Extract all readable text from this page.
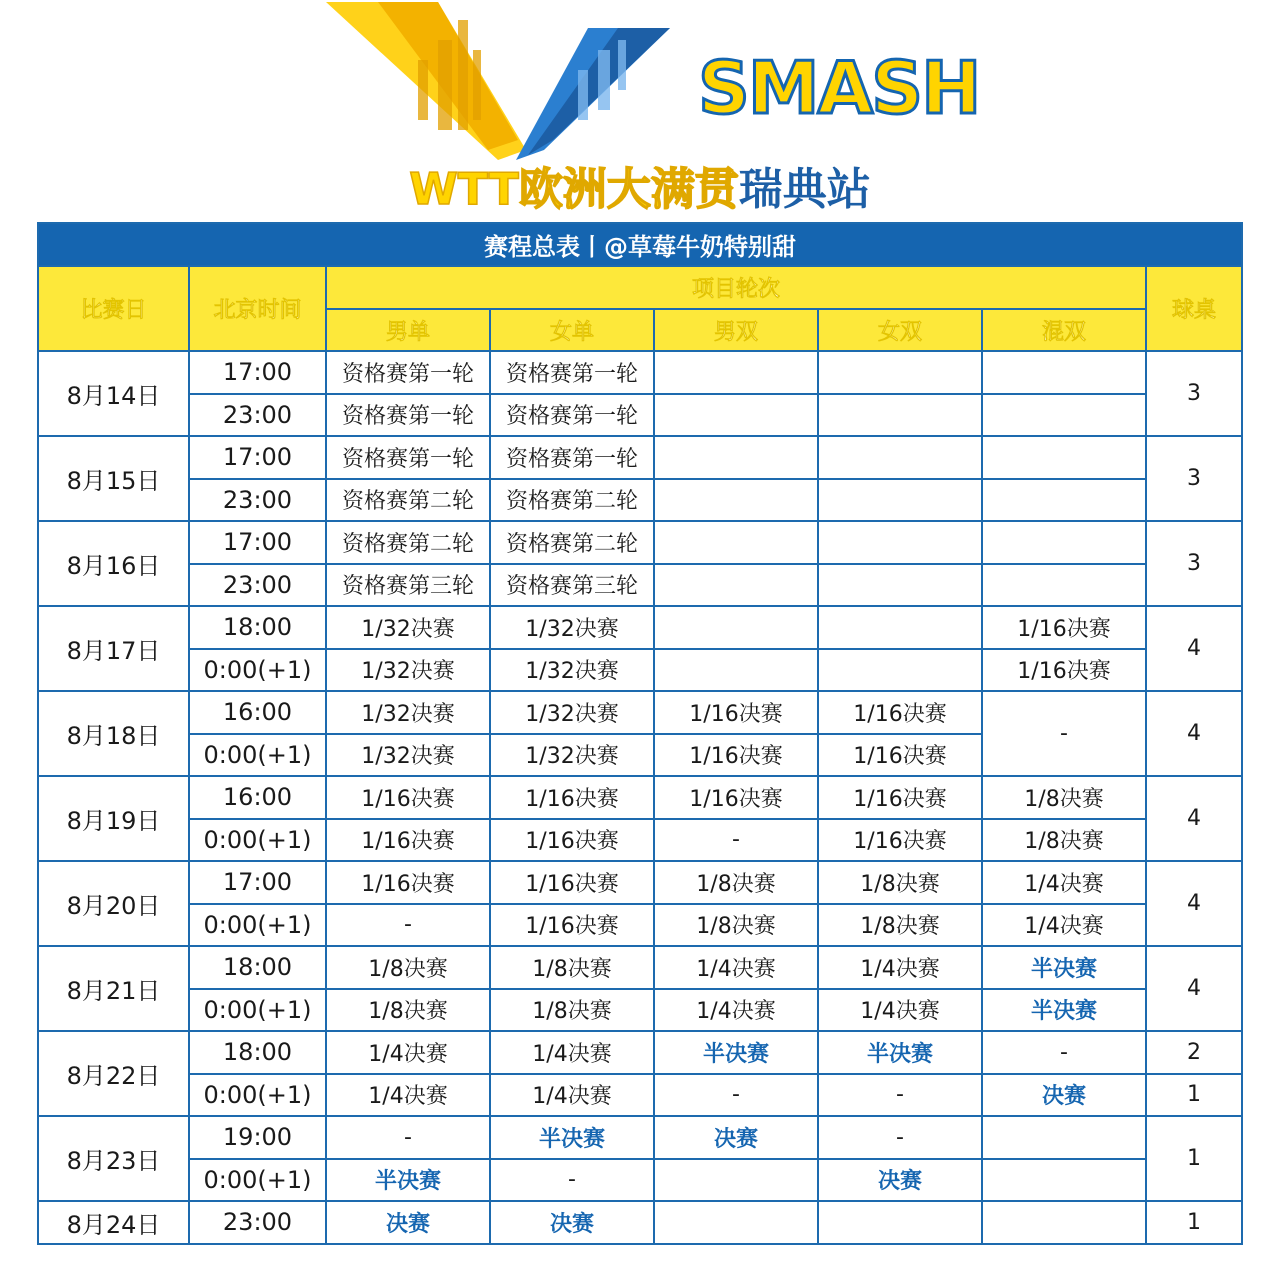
SMASH
WTT欧洲大满贯瑞典站
赛程总表丨@草莓牛奶特别甜							
比赛日	北京时间	项目轮次					球桌
		男单	女单	男双	女双	混双	
8月14日	17:00	资格赛第一轮	资格赛第一轮				3
	23:00	资格赛第一轮	资格赛第一轮				
8月15日	17:00	资格赛第一轮	资格赛第一轮				3
	23:00	资格赛第二轮	资格赛第二轮				
8月16日	17:00	资格赛第二轮	资格赛第二轮				3
	23:00	资格赛第三轮	资格赛第三轮				
8月17日	18:00	1/32决赛	1/32决赛			1/16决赛	4
	0:00(+1)	1/32决赛	1/32决赛			1/16决赛	
8月18日	16:00	1/32决赛	1/32决赛	1/16决赛	1/16决赛	-	4
	0:00(+1)	1/32决赛	1/32决赛	1/16决赛	1/16决赛		
8月19日	16:00	1/16决赛	1/16决赛	1/16决赛	1/16决赛	1/8决赛	4
	0:00(+1)	1/16决赛	1/16决赛	-	1/16决赛	1/8决赛	
8月20日	17:00	1/16决赛	1/16决赛	1/8决赛	1/8决赛	1/4决赛	4
	0:00(+1)	-	1/16决赛	1/8决赛	1/8决赛	1/4决赛	
8月21日	18:00	1/8决赛	1/8决赛	1/4决赛	1/4决赛	半决赛	4
	0:00(+1)	1/8决赛	1/8决赛	1/4决赛	1/4决赛	半决赛	
8月22日	18:00	1/4决赛	1/4决赛	半决赛	半决赛	-	2
	0:00(+1)	1/4决赛	1/4决赛	-	-	决赛	1
8月23日	19:00	-	半决赛	决赛	-		1
	0:00(+1)	半决赛	-		决赛		
8月24日	23:00	决赛	决赛				1
